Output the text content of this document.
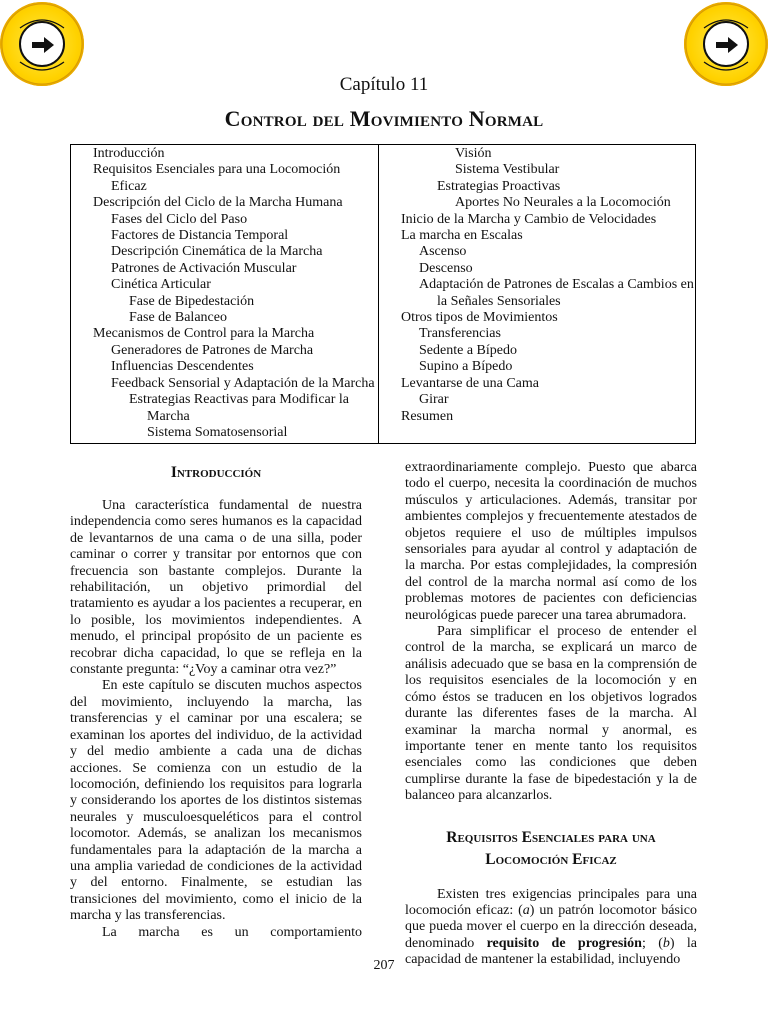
Capítulo 11
Control del Movimiento Normal
Introducción
Requisitos Esenciales para una Locomoción
Eficaz
Descripción del Ciclo de la Marcha Humana
Fases del Ciclo del Paso
Factores de Distancia Temporal
Descripción Cinemática de la Marcha
Patrones de Activación Muscular
Cinética Articular
Fase de Bipedestación
Fase de Balanceo
Mecanismos de Control para la Marcha
Generadores de Patrones de Marcha
Influencias Descendentes
Feedback Sensorial y Adaptación de la Marcha
Estrategias Reactivas para Modificar la
Marcha
Sistema Somatosensorial
Visión
Sistema Vestibular
Estrategias Proactivas
Aportes No Neurales a la Locomoción
Inicio de la Marcha y Cambio de Velocidades
La marcha en Escalas
Ascenso
Descenso
Adaptación de Patrones de Escalas a Cambios en
la Señales Sensoriales
Otros tipos de Movimientos
Transferencias
Sedente a Bípedo
Supino a Bípedo
Levantarse de una Cama
Girar
Resumen
Introducción

Una característica fundamental de nuestra independencia como seres humanos es la capacidad de levantarnos de una cama o de una silla, poder caminar o correr y transitar por entornos que con frecuencia son bastante complejos. Durante la rehabilitación, un objetivo primordial del tratamiento es ayudar a los pacientes a recuperar, en lo posible, los movimientos independientes. A menudo, el principal propósito de un paciente es recobrar dicha capacidad, lo que se refleja en la constante pregunta: “¿Voy a caminar otra vez?”

En este capítulo se discuten muchos aspectos del movimiento, incluyendo la marcha, las transferencias y el caminar por una escalera; se examinan los aportes del individuo, de la actividad y del medio ambiente a cada una de dichas acciones. Se comienza con un estudio de la locomoción, definiendo los requisitos para lograrla y considerando los aportes de los distintos sistemas neurales y musculoesqueléticos para el control locomotor. Además, se analizan los mecanismos fundamentales para la adaptación de la marcha a una amplia variedad de condiciones de la actividad y del entorno. Finalmente, se estudian las transiciones del movimiento, como el inicio de la marcha y las transferencias.

La marcha es un comportamiento

extraordinariamente complejo. Puesto que abarca todo el cuerpo, necesita la coordinación de muchos músculos y articulaciones. Además, transitar por ambientes complejos y frecuentemente atestados de objetos requiere el uso de múltiples impulsos sensoriales para ayudar al control y adaptación de la marcha. Por estas complejidades, la compresión del control de la marcha normal así como de los problemas motores de pacientes con deficiencias neurológicas puede parecer una tarea abrumadora.

Para simplificar el proceso de entender el control de la marcha, se explicará un marco de análisis adecuado que se basa en la comprensión de los requisitos esenciales de la locomoción y en cómo éstos se traducen en los objetivos logrados durante las diferentes fases de la marcha. Al examinar la marcha normal y anormal, es importante tener en mente tanto los requisitos esenciales como las condiciones que deben cumplirse durante la fase de bipedestación y la de balanceo para alcanzarlos.

Requisitos Esenciales para una
Locomoción Eficaz

Existen tres exigencias principales para una locomoción eficaz: (a) un patrón locomotor básico que pueda mover el cuerpo en la dirección deseada, denominado requisito de progresión; (b) la capacidad de mantener la estabilidad, incluyendo

207
